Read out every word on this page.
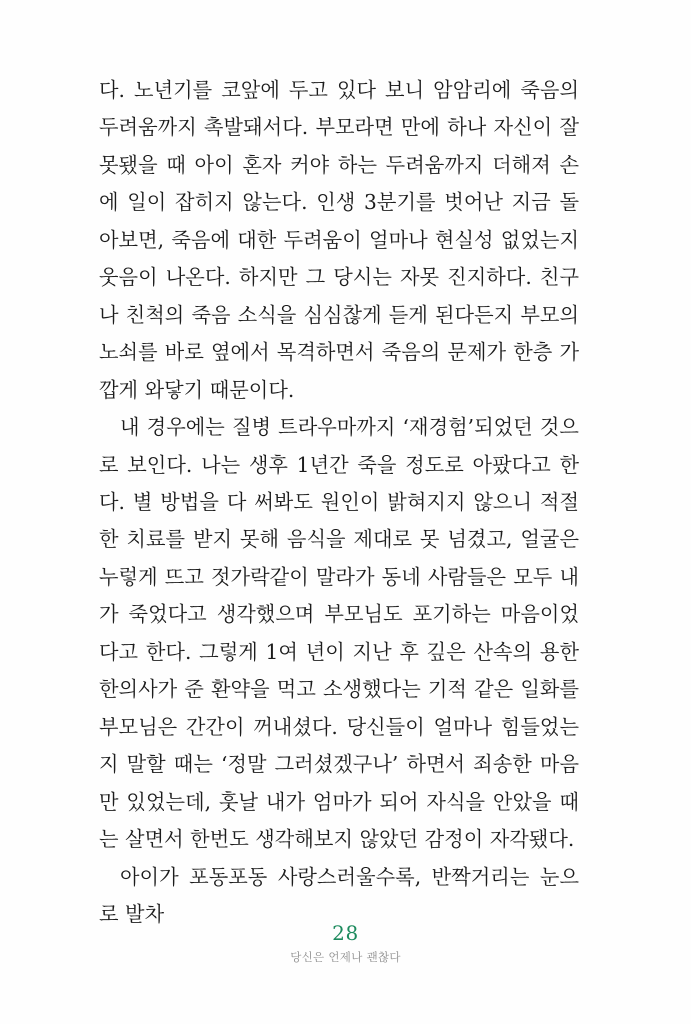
다. 노년기를 코앞에 두고 있다 보니 암암리에 죽음의 두려움까지 촉발돼서다. 부모라면 만에 하나 자신이 잘못됐을 때 아이 혼자 커야 하는 두려움까지 더해져 손에 일이 잡히지 않는다. 인생 3분기를 벗어난 지금 돌아보면, 죽음에 대한 두려움이 얼마나 현실성 없었는지 웃음이 나온다. 하지만 그 당시는 자못 진지하다. 친구나 친척의 죽음 소식을 심심찮게 듣게 된다든지 부모의 노쇠를 바로 옆에서 목격하면서 죽음의 문제가 한층 가깝게 와닿기 때문이다.

내 경우에는 질병 트라우마까지 ‘재경험’되었던 것으로 보인다. 나는 생후 1년간 죽을 정도로 아팠다고 한다. 별 방법을 다 써봐도 원인이 밝혀지지 않으니 적절한 치료를 받지 못해 음식을 제대로 못 넘겼고, 얼굴은 누렇게 뜨고 젓가락같이 말라가 동네 사람들은 모두 내가 죽었다고 생각했으며 부모님도 포기하는 마음이었다고 한다. 그렇게 1여 년이 지난 후 깊은 산속의 용한 한의사가 준 환약을 먹고 소생했다는 기적 같은 일화를 부모님은 간간이 꺼내셨다. 당신들이 얼마나 힘들었는지 말할 때는 ‘정말 그러셨겠구나’ 하면서 죄송한 마음만 있었는데, 훗날 내가 엄마가 되어 자식을 안았을 때는 살면서 한번도 생각해보지 않았던 감정이 자각됐다.

아이가 포동포동 사랑스러울수록, 반짝거리는 눈으로 발차

28
당신은 언제나 괜찮다
